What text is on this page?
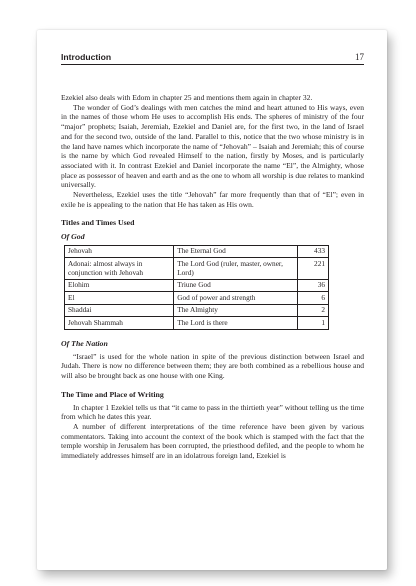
Introduction	17

Ezekiel also deals with Edom in chapter 25 and mentions them again in chapter 32.

The wonder of God’s dealings with men catches the mind and heart attuned to His ways, even in the names of those whom He uses to accomplish His ends. The spheres of ministry of the four “major” prophets; Isaiah, Jeremiah, Ezekiel and Daniel are, for the first two, in the land of Israel and for the second two, outside of the land. Parallel to this, notice that the two whose ministry is in the land have names which incorporate the name of “Jehovah” – Isaiah and Jeremiah; this of course is the name by which God revealed Himself to the nation, firstly by Moses, and is particularly associated with it. In contrast Ezekiel and Daniel incorporate the name “El”, the Almighty, whose place as possessor of heaven and earth and as the one to whom all worship is due relates to mankind universally.

Nevertheless, Ezekiel uses the title “Jehovah” far more frequently than that of “El”; even in exile he is appealing to the nation that He has taken as His own.

Titles and Times Used
Of God
Jehovah	The Eternal God	433
Adonai: almost always in conjunction with Jehovah	The Lord God (ruler, master, owner, Lord)	221
Elohim	Triune God	36
El	God of power and strength	6
Shaddai	The Almighty	2
Jehovah Shammah	The Lord is there	1
Of The Nation

“Israel” is used for the whole nation in spite of the previous distinction between Israel and Judah. There is now no difference between them; they are both combined as a rebellious house and will also be brought back as one house with one King.

The Time and Place of Writing

In chapter 1 Ezekiel tells us that “it came to pass in the thirtieth year” without telling us the time from which he dates this year.

A number of different interpretations of the time reference have been given by various commentators. Taking into account the context of the book which is stamped with the fact that the temple worship in Jerusalem has been corrupted, the priesthood defiled, and the people to whom he immediately addresses himself are in an idolatrous foreign land, Ezekiel is
